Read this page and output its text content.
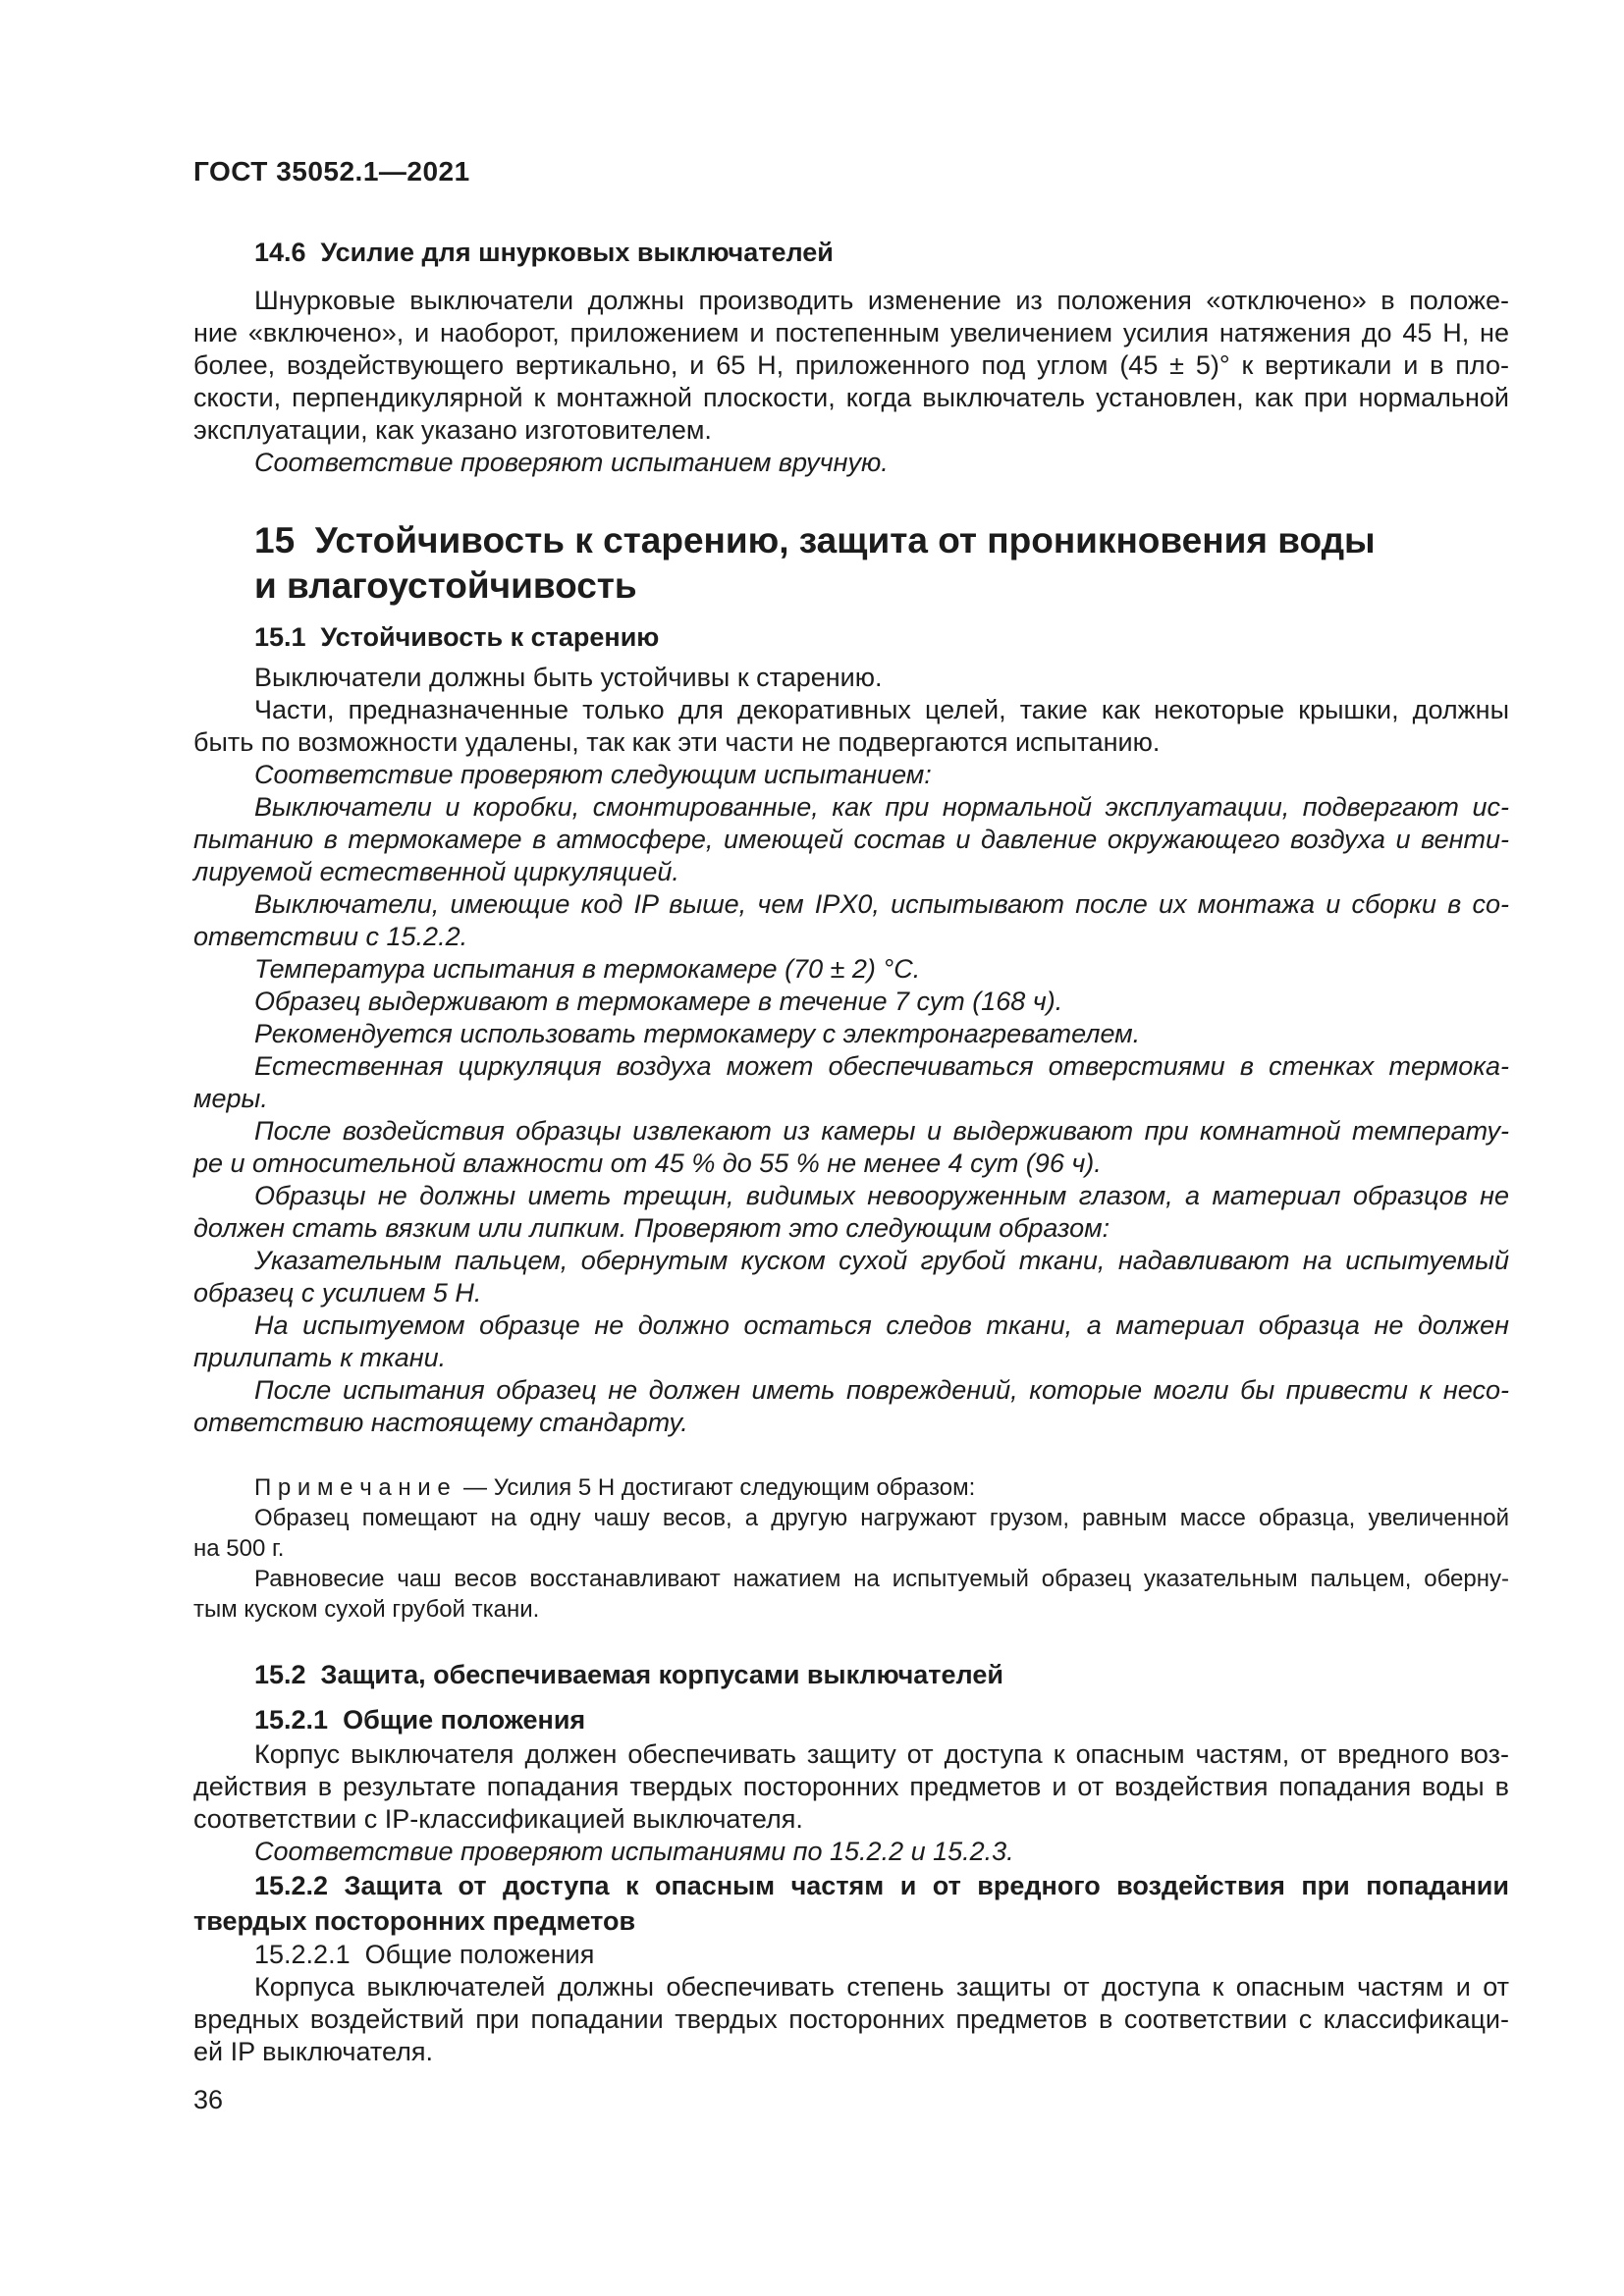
ГОСТ 35052.1—2021
14.6  Усилие для шнурковых выключателей
Шнурковые выключатели должны производить изменение из положения «отключено» в положе-
ние «включено», и наоборот, приложением и постепенным увеличением усилия натяжения до 45 Н, не
более, воздействующего вертикально, и 65 Н, приложенного под углом (45 ± 5)° к вертикали и в пло-
скости, перпендикулярной к монтажной плоскости, когда выключатель установлен, как при нормальной
эксплуатации, как указано изготовителем.
Соответствие проверяют испытанием вручную.
15  Устойчивость к старению, защита от проникновения воды
и влагоустойчивость
15.1  Устойчивость к старению
Выключатели должны быть устойчивы к старению.
Части, предназначенные только для декоративных целей, такие как некоторые крышки, должны
быть по возможности удалены, так как эти части не подвергаются испытанию.
Соответствие проверяют следующим испытанием:
Выключатели и коробки, смонтированные, как при нормальной эксплуатации, подвергают ис-
пытанию в термокамере в атмосфере, имеющей состав и давление окружающего воздуха и венти-
лируемой естественной циркуляцией.
Выключатели, имеющие код IP выше, чем IPX0, испытывают после их монтажа и сборки в со-
ответствии с 15.2.2.
Температура испытания в термокамере (70 ± 2) °С.
Образец выдерживают в термокамере в течение 7 сут (168 ч).
Рекомендуется использовать термокамеру с электронагревателем.
Естественная циркуляция воздуха может обеспечиваться отверстиями в стенках термока-
меры.
После воздействия образцы извлекают из камеры и выдерживают при комнатной температу-
ре и относительной влажности от 45 % до 55 % не менее 4 сут (96 ч).
Образцы не должны иметь трещин, видимых невооруженным глазом, а материал образцов не
должен стать вязким или липким. Проверяют это следующим образом:
Указательным пальцем, обернутым куском сухой грубой ткани, надавливают на испытуемый
образец с усилием 5 Н.
На испытуемом образце не должно остаться следов ткани, а материал образца не должен
прилипать к ткани.
После испытания образец не должен иметь повреждений, которые могли бы привести к несо-
ответствию настоящему стандарту.
П р и м е ч а н и е  — Усилия 5 Н достигают следующим образом:
Образец помещают на одну чашу весов, а другую нагружают грузом, равным массе образца, увеличенной
на 500 г.
Равновесие чаш весов восстанавливают нажатием на испытуемый образец указательным пальцем, оберну-
тым куском сухой грубой ткани.
15.2  Защита, обеспечиваемая корпусами выключателей
15.2.1  Общие положения
Корпус выключателя должен обеспечивать защиту от доступа к опасным частям, от вредного воз-
действия в результате попадания твердых посторонних предметов и от воздействия попадания воды в
соответствии с IP-классификацией выключателя.
Соответствие проверяют испытаниями по 15.2.2 и 15.2.3.
15.2.2 Защита от доступа к опасным частям и от вредного воздействия при попадании
твердых посторонних предметов
15.2.2.1  Общие положения
Корпуса выключателей должны обеспечивать степень защиты от доступа к опасным частям и от
вредных воздействий при попадании твердых посторонних предметов в соответствии с классификаци-
ей IP выключателя.
36
